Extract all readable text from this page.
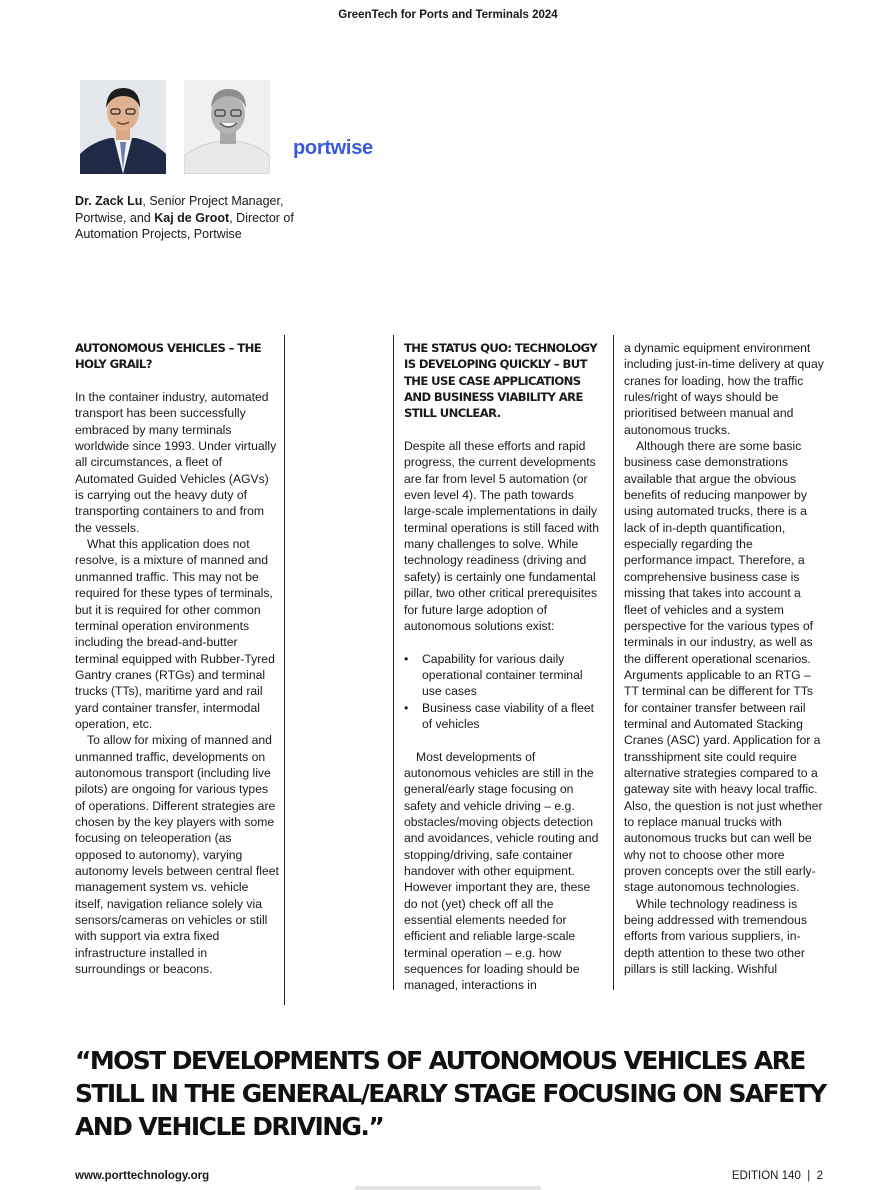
GreenTech for Ports and Terminals 2024
portwise
Dr. Zack Lu, Senior Project Manager, Portwise, and Kaj de Groot, Director of Automation Projects, Portwise
AUTONOMOUS VEHICLES – THE HOLY GRAIL?

In the container industry, automated transport has been successfully embraced by many terminals worldwide since 1993. Under virtually all circumstances, a fleet of Automated Guided Vehicles (AGVs) is carrying out the heavy duty of transporting containers to and from the vessels.

What this application does not resolve, is a mixture of manned and unmanned traffic. This may not be required for these types of terminals, but it is required for other common terminal operation environments including the bread-and-butter terminal equipped with Rubber-Tyred Gantry cranes (RTGs) and terminal trucks (TTs), maritime yard and rail yard container transfer, intermodal operation, etc.

To allow for mixing of manned and unmanned traffic, developments on autonomous transport (including live pilots) are ongoing for various types of operations. Different strategies are chosen by the key players with some focusing on teleoperation (as opposed to autonomy), varying autonomy levels between central fleet management system vs. vehicle itself, navigation reliance solely via sensors/cameras on vehicles or still with support via extra fixed infrastructure installed in surroundings or beacons.

THE STATUS QUO: TECHNOLOGY IS DEVELOPING QUICKLY – BUT THE USE CASE APPLICATIONS AND BUSINESS VIABILITY ARE STILL UNCLEAR.

Despite all these efforts and rapid progress, the current developments are far from level 5 automation (or even level 4). The path towards large-scale implementations in daily terminal operations is still faced with many challenges to solve. While technology readiness (driving and safety) is certainly one fundamental pillar, two other critical prerequisites for future large adoption of autonomous solutions exist:

• Capability for various daily operational container terminal use cases
• Business case viability of a fleet of vehicles

Most developments of autonomous vehicles are still in the general/early stage focusing on safety and vehicle driving – e.g. obstacles/moving objects detection and avoidances, vehicle routing and stopping/driving, safe container handover with other equipment. However important they are, these do not (yet) check off all the essential elements needed for efficient and reliable large-scale terminal operation – e.g. how sequences for loading should be managed, interactions in

a dynamic equipment environment including just-in-time delivery at quay cranes for loading, how the traffic rules/right of ways should be prioritised between manual and autonomous trucks.

Although there are some basic business case demonstrations available that argue the obvious benefits of reducing manpower by using automated trucks, there is a lack of in-depth quantification, especially regarding the performance impact. Therefore, a comprehensive business case is missing that takes into account a fleet of vehicles and a system perspective for the various types of terminals in our industry, as well as the different operational scenarios. Arguments applicable to an RTG – TT terminal can be different for TTs for container transfer between rail terminal and Automated Stacking Cranes (ASC) yard. Application for a transshipment site could require alternative strategies compared to a gateway site with heavy local traffic. Also, the question is not just whether to replace manual trucks with autonomous trucks but can well be why not to choose other more proven concepts over the still early-stage autonomous technologies.

While technology readiness is being addressed with tremendous efforts from various suppliers, in-depth attention to these two other pillars is still lacking. Wishful

“MOST DEVELOPMENTS OF AUTONOMOUS VEHICLES ARE STILL IN THE GENERAL/EARLY STAGE FOCUSING ON SAFETY AND VEHICLE DRIVING.”
www.porttechnology.org	EDITION 140  |  2
